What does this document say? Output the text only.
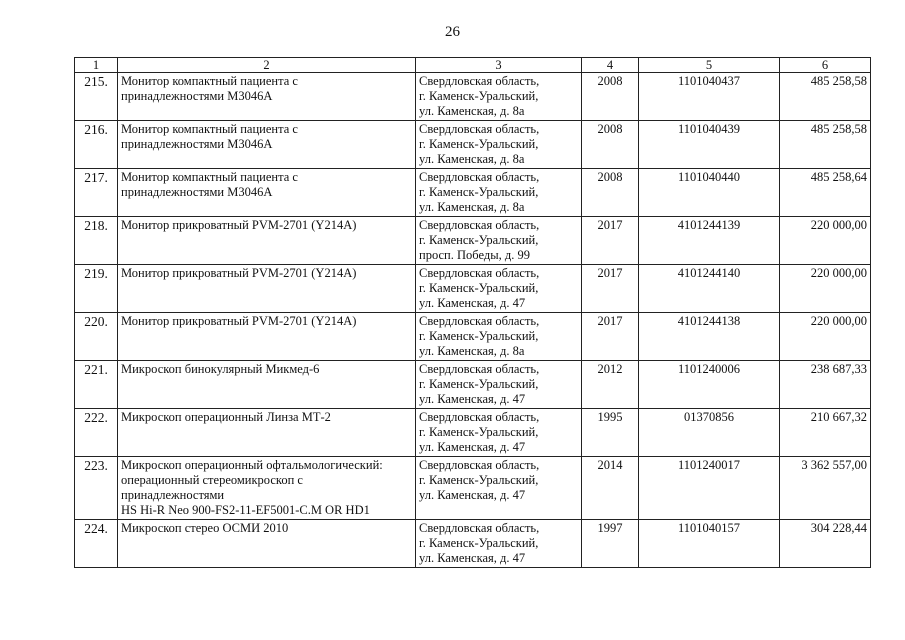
26
1	2	3	4	5	6
215.	Монитор компактный пациента с
принадлежностями М3046А	Свердловская область,
г. Каменск-Уральский,
ул. Каменская, д. 8а	2008	1101040437	485 258,58
216.	Монитор компактный пациента с
принадлежностями М3046А	Свердловская область,
г. Каменск-Уральский,
ул. Каменская, д. 8а	2008	1101040439	485 258,58
217.	Монитор компактный пациента с
принадлежностями М3046А	Свердловская область,
г. Каменск-Уральский,
ул. Каменская, д. 8а	2008	1101040440	485 258,64
218.	Монитор прикроватный PVM-2701 (Y214A)	Свердловская область,
г. Каменск-Уральский,
просп. Победы, д. 99	2017	4101244139	220 000,00
219.	Монитор прикроватный PVM-2701 (Y214A)	Свердловская область,
г. Каменск-Уральский,
ул. Каменская, д. 47	2017	4101244140	220 000,00
220.	Монитор прикроватный PVM-2701 (Y214A)	Свердловская область,
г. Каменск-Уральский,
ул. Каменская, д. 8а	2017	4101244138	220 000,00
221.	Микроскоп бинокулярный Микмед-6	Свердловская область,
г. Каменск-Уральский,
ул. Каменская, д. 47	2012	1101240006	238 687,33
222.	Микроскоп операционный Линза МТ-2	Свердловская область,
г. Каменск-Уральский,
ул. Каменская, д. 47	1995	01370856	210 667,32
223.	Микроскоп операционный офтальмологический:
операционный стереомикроскоп с
принадлежностями
HS Hi-R Neo 900-FS2-11-EF5001-C.M OR HD1	Свердловская область,
г. Каменск-Уральский,
ул. Каменская, д. 47	2014	1101240017	3 362 557,00
224.	Микроскоп стерео ОСМИ 2010	Свердловская область,
г. Каменск-Уральский,
ул. Каменская, д. 47	1997	1101040157	304 228,44
